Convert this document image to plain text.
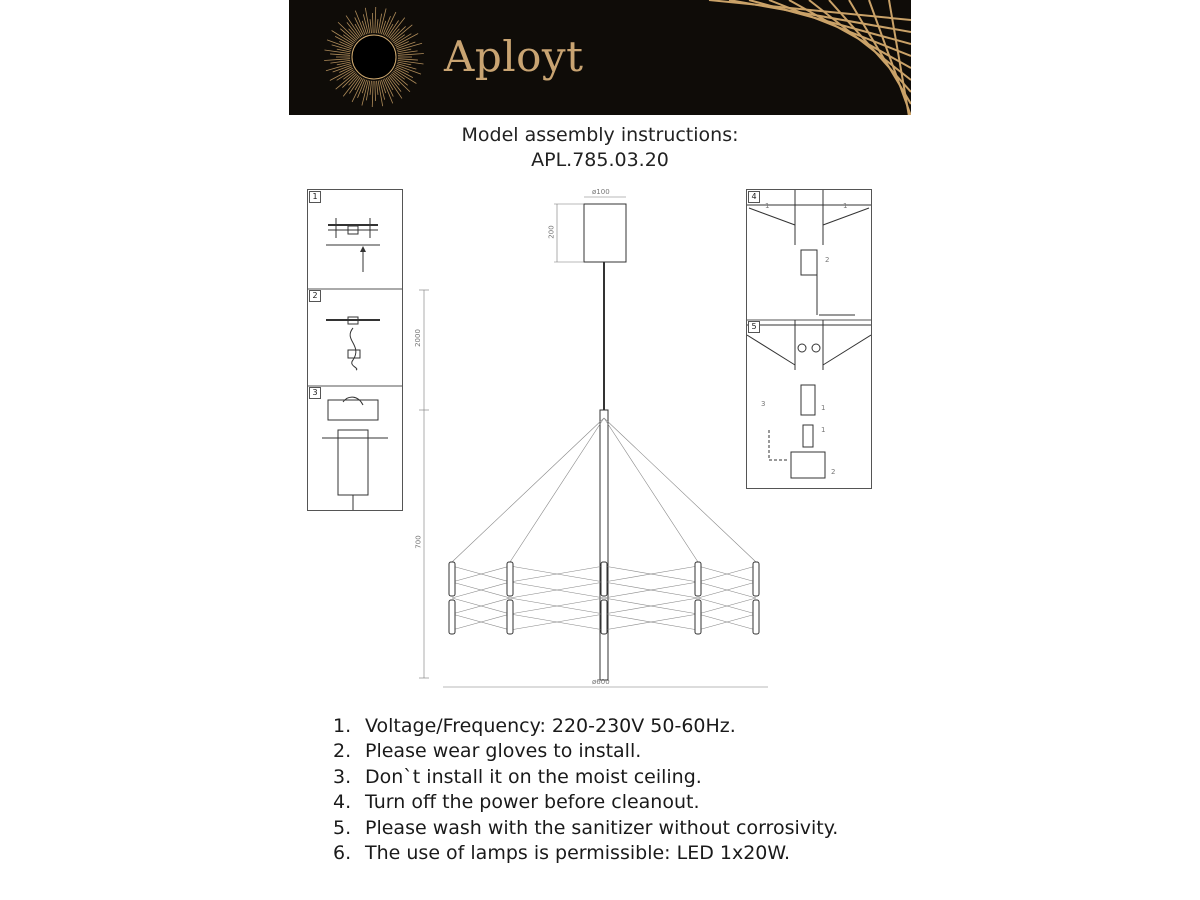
Aployt
Model assembly instructions:
APL.785.03.20
1
2
3
4
5
1	1
2
1
1
3
2
ø100
200
2000
700
ø600
1. Voltage/Frequency: 220-230V 50-60Hz.
2. Please wear gloves to install.
3. Don`t install it on the moist ceiling.
4. Turn off the power before cleanout.
5. Please wash with the sanitizer without corrosivity.
6. The use of lamps is permissible: LED 1x20W.
